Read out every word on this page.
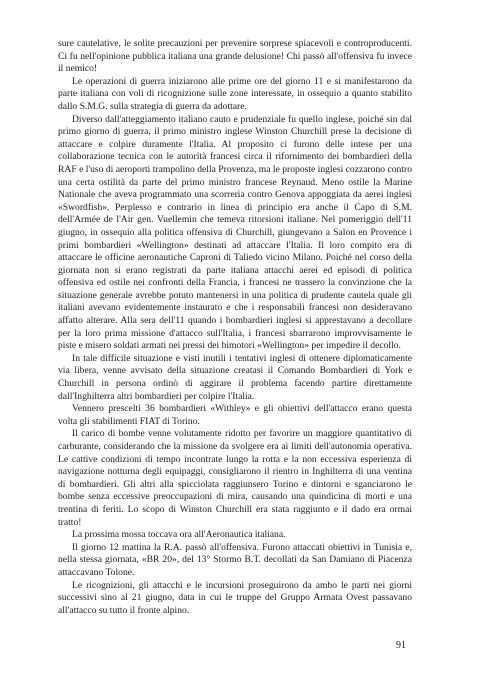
sure cautelative, le solite precauzioni per prevenire sorprese spiacevoli e controproducenti. Ci fu nell'opinione pubblica italiana una grande delusione! Chi passò all'offensiva fu invece il nemico!

Le operazioni di guerra iniziarono alle prime ore del giorno 11 e si manifestarono da parte italiana con voli di ricognizione sulle zone interessate, in ossequio a quanto stabilito dallo S.M.G. sulla strategia di guerra da adottare.

Diverso dall'atteggiamento italiano cauto e prudenziale fu quello inglese, poiché sin dal primo giorno di guerra, il primo ministro inglese Winston Churchill prese la decisione di attaccare e colpire duramente l'Italia. Al proposito ci furono delle intese per una collaborazione tecnica con le autorità francesi circa il rifornimento dei bombardieri della RAF e l'uso di aeroporti trampolino della Provenza, ma le proposte inglesi cozzarono contro una certa ostilità da parte del primo ministro francese Reynaud. Meno ostile la Marine Nationale che aveva programmato una scorreria contro Genova appoggiata da aerei inglesi «Swordfish». Perplesso e contrario in linea di principio era anche il Capo di S.M. dell'Armée de l'Air gen. Vuellemin che temeva ritorsioni italiane. Nel pomeriggio dell'11 giugno, in ossequio alla politica offensiva di Churchill, giungevano a Salon en Provence i primi bombardieri «Wellington» destinati ad attaccare l'Italia. Il loro compito era di attaccare le officine aeronautiche Caproni di Taliedo vicino Milano. Poiché nel corso della giornata non si erano registrati da parte italiana attacchi aerei ed episodi di politica offensiva ed ostile nei confronti della Francia, i francesi ne trassero la convinzione che la situazione generale avrebbe potuto mantenersi in una politica di prudente cautela quale gli italiani avevano evidentemente instaurato e che i responsabili francesi non desideravano affatto alterare. Alla sera dell'11 quando i bombardieri inglesi si apprestavano a decollare per la loro prima missione d'attacco sull'Italia, i francesi sbarrarono improvvisamente le piste e misero soldati armati nei pressi dei bimotori «Wellington» per impedire il decollo.

In tale difficile situazione e visti inutili i tentativi inglesi di ottenere diplomaticamente via libera, venne avvisato della situazione creatasi il Comando Bombardieri di York e Churchill in persona ordinò di aggirare il problema facendo partire direttamente dall'Inghilterra altri bombardieri per colpire l'Italia.

Vennero prescelti 36 bombardieri «Withley» e gli obiettivi dell'attacco erano questa volta gli stabilimenti FIAT di Torino.

Il carico di bombe venne volutamente ridotto per favorire un maggiore quantitativo di carburante, considerando che la missione da svolgere era ai limiti dell'autonomia operativa. Le cattive condizioni di tempo incontrate lungo la rotta e la non eccessiva esperienza di navigazione notturna degli equipaggi, consigliarono il rientro in Inghilterra di una ventina di bombardieri. Gli altri alla spicciolata raggiunsero Torino e dintorni e sganciarono le bombe senza eccessive preoccupazioni di mira, causando una quindicina di morti e una trentina di feriti. Lo scopo di Winston Churchill era stata raggiunto e il dado era ormai tratto!

La prossima mossa toccava ora all'Aeronautica italiana.

Il giorno 12 mattina la R.A. passò all'offensiva. Furono attaccati obiettivi in Tunisia e, nella stessa giornata, «BR 20», del 13° Stormo B.T. decollati da San Damiano di Piacenza attaccavano Tolone.

Le ricognizioni, gli attacchi e le incursioni proseguirono da ambo le parti nei giorni successivi sino al 21 giugno, data in cui le truppe del Gruppo Armata Ovest passavano all'attacco su tutto il fronte alpino.

91
